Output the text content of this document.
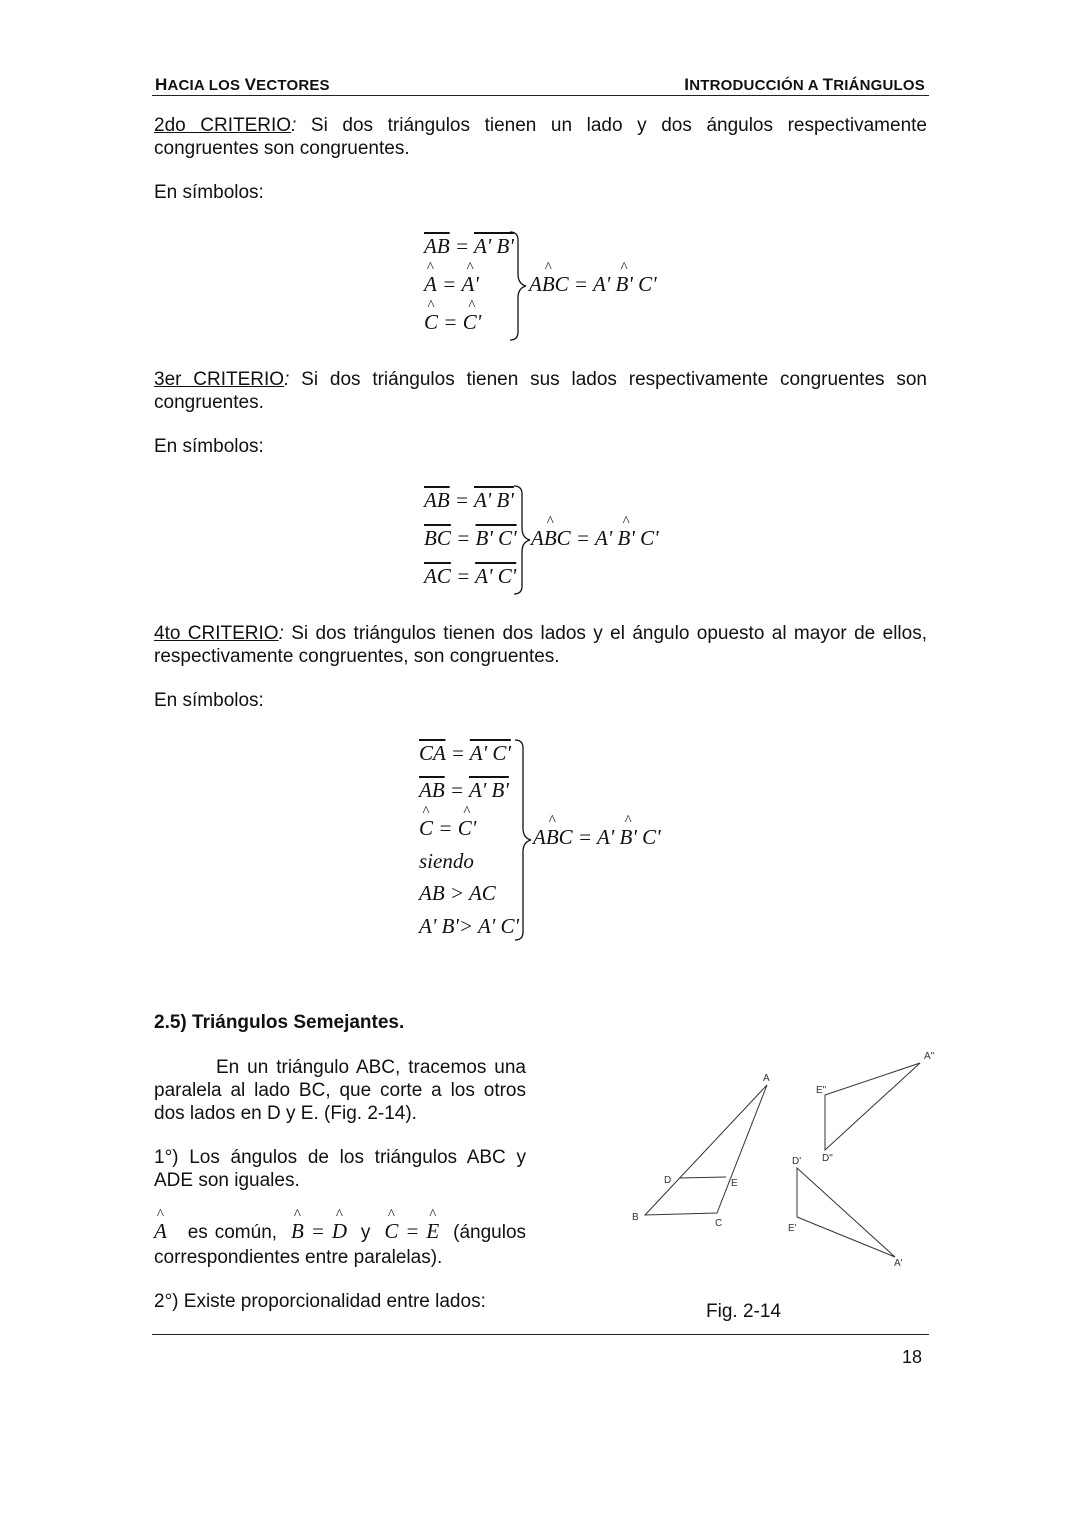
HACIA LOS VECTORES	INTRODUCCIÓN A TRIÁNGULOS
2do CRITERIO: Si dos triángulos tienen un lado y dos ángulos respectivamente congruentes son congruentes.
En símbolos:
$\overline{AB} = A'$ B'
^ A = ^ A'
^ C = ^ C'
A^ BC = A' ^ B' C'
3er CRITERIO: Si dos triángulos tienen sus lados respectivamente congruentes son congruentes.
En símbolos:
$\overline{AB} = A'$ B'
$\overline{BC} = B'$ C'
$\overline{AC} = A'$ C'
A^ BC = A' ^ B' C'
4to CRITERIO: Si dos triángulos tienen dos lados y el ángulo opuesto al mayor de ellos, respectivamente congruentes, son congruentes.
En símbolos:
$\overline{CA} = A'$ C'
$\overline{AB} = A'$ B'
^ C = ^ C'
siendo
AB > AC
A' B'> A' C'
A^ BC = A' ^ B' C'
2.5) Triángulos Semejantes.
En un triángulo ABC, tracemos una paralela al lado BC, que corte a los otros dos lados en D y E. (Fig. 2-14).
1°) Los ángulos de los triángulos ABC y ADE son iguales.
^ A es común, ^ B = ^ D y ^ C = ^ E (ángulos correspondientes entre paralelas).
2°) Existe proporcionalidad entre lados:
A
B
C
D	E
A"
E"
D"
D'
E'
A'
Fig. 2-14
18
